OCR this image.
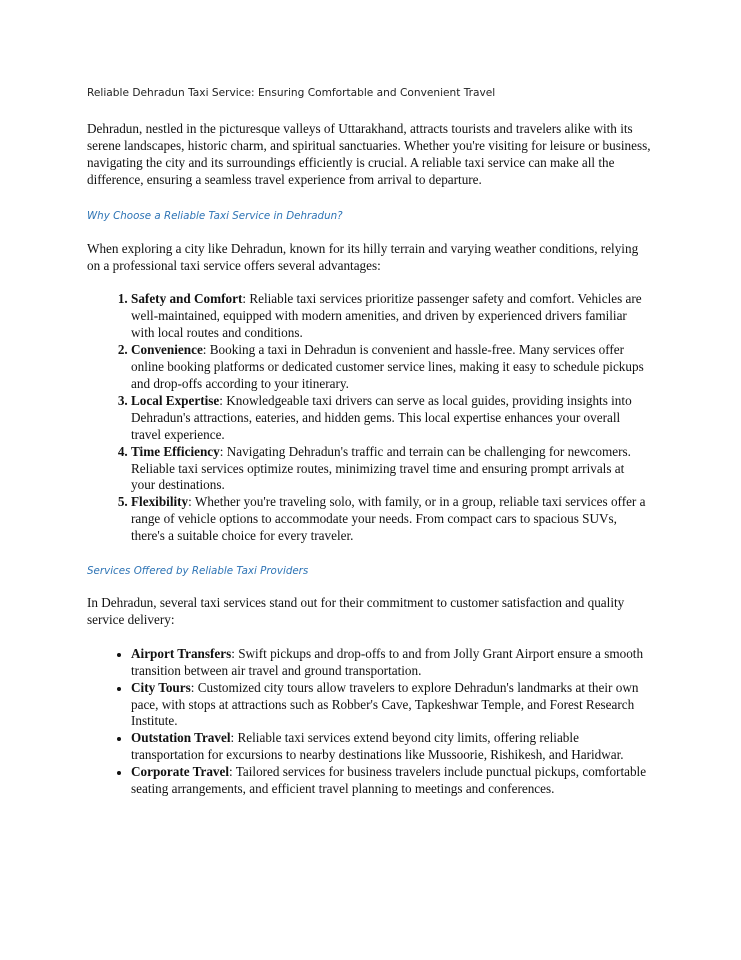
Reliable Dehradun Taxi Service: Ensuring Comfortable and Convenient Travel

Dehradun, nestled in the picturesque valleys of Uttarakhand, attracts tourists and travelers alike with its serene landscapes, historic charm, and spiritual sanctuaries. Whether you're visiting for leisure or business, navigating the city and its surroundings efficiently is crucial. A reliable taxi service can make all the difference, ensuring a seamless travel experience from arrival to departure.

Why Choose a Reliable Taxi Service in Dehradun?

When exploring a city like Dehradun, known for its hilly terrain and varying weather conditions, relying on a professional taxi service offers several advantages:

1. Safety and Comfort: Reliable taxi services prioritize passenger safety and comfort. Vehicles are well-maintained, equipped with modern amenities, and driven by experienced drivers familiar with local routes and conditions.
2. Convenience: Booking a taxi in Dehradun is convenient and hassle-free. Many services offer online booking platforms or dedicated customer service lines, making it easy to schedule pickups and drop-offs according to your itinerary.
3. Local Expertise: Knowledgeable taxi drivers can serve as local guides, providing insights into Dehradun's attractions, eateries, and hidden gems. This local expertise enhances your overall travel experience.
4. Time Efficiency: Navigating Dehradun's traffic and terrain can be challenging for newcomers. Reliable taxi services optimize routes, minimizing travel time and ensuring prompt arrivals at your destinations.
5. Flexibility: Whether you're traveling solo, with family, or in a group, reliable taxi services offer a range of vehicle options to accommodate your needs. From compact cars to spacious SUVs, there's a suitable choice for every traveler.

Services Offered by Reliable Taxi Providers

In Dehradun, several taxi services stand out for their commitment to customer satisfaction and quality service delivery:

• Airport Transfers: Swift pickups and drop-offs to and from Jolly Grant Airport ensure a smooth transition between air travel and ground transportation.
• City Tours: Customized city tours allow travelers to explore Dehradun's landmarks at their own pace, with stops at attractions such as Robber's Cave, Tapkeshwar Temple, and Forest Research Institute.
• Outstation Travel: Reliable taxi services extend beyond city limits, offering reliable transportation for excursions to nearby destinations like Mussoorie, Rishikesh, and Haridwar.
• Corporate Travel: Tailored services for business travelers include punctual pickups, comfortable seating arrangements, and efficient travel planning to meetings and conferences.
